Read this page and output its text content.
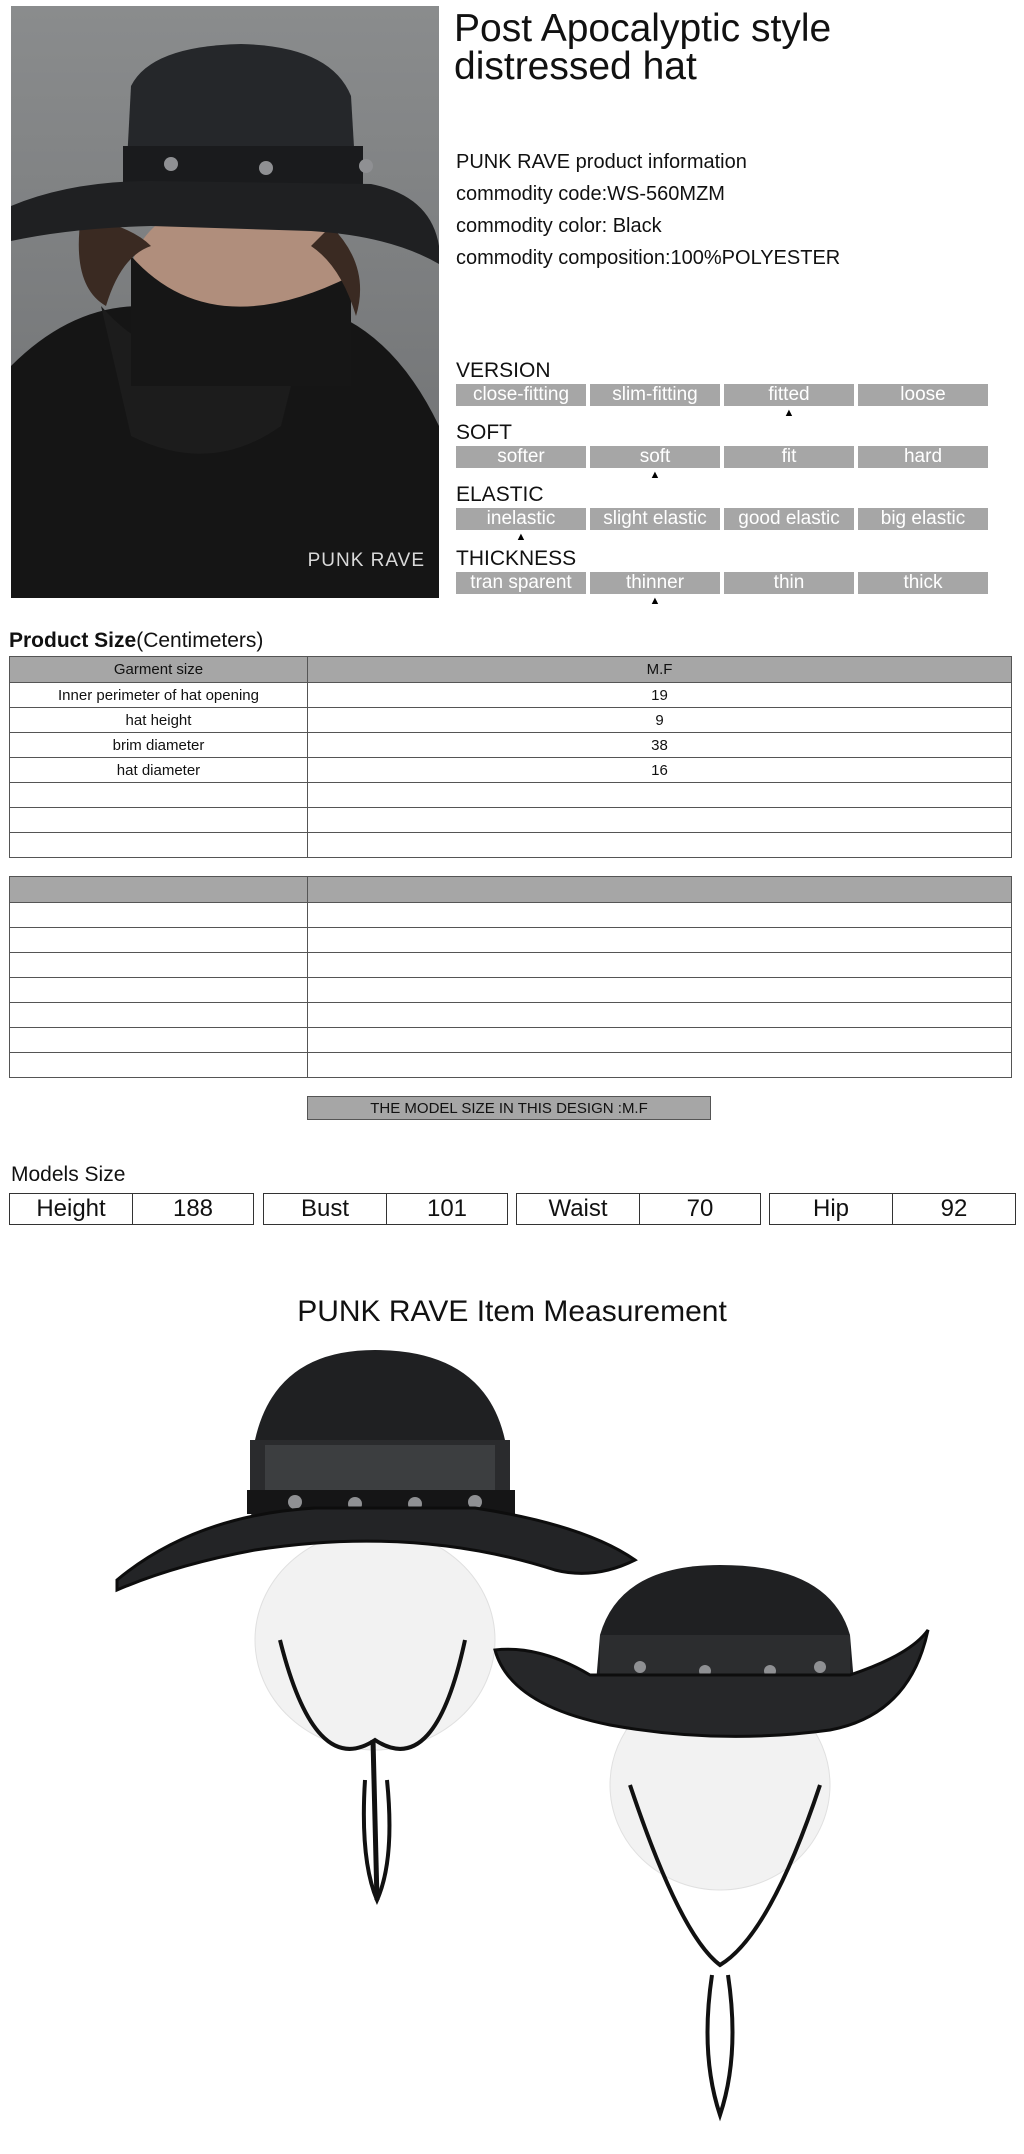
PUNK RAVE
Post Apocalyptic style distressed hat
PUNK RAVE product information
commodity code:WS-560MZM
commodity color: Black
commodity composition:100%POLYESTER
VERSION
close-fitting	slim-fitting	fitted
▲
loose
SOFT
softer	soft
▲
fit	hard
ELASTIC
inelastic
▲
slight elastic	good elastic	big elastic
THICKNESS
tran sparent	thinner
▲
thin	thick
Product Size(Centimeters)
Garment size	M.F
Inner perimeter of hat opening	19
hat height	9
brim diameter	38
hat diameter	16

THE MODEL SIZE IN THIS DESIGN :M.F
Models Size
Height	188	Bust	101	Waist	70	Hip	92
PUNK RAVE Item Measurement
